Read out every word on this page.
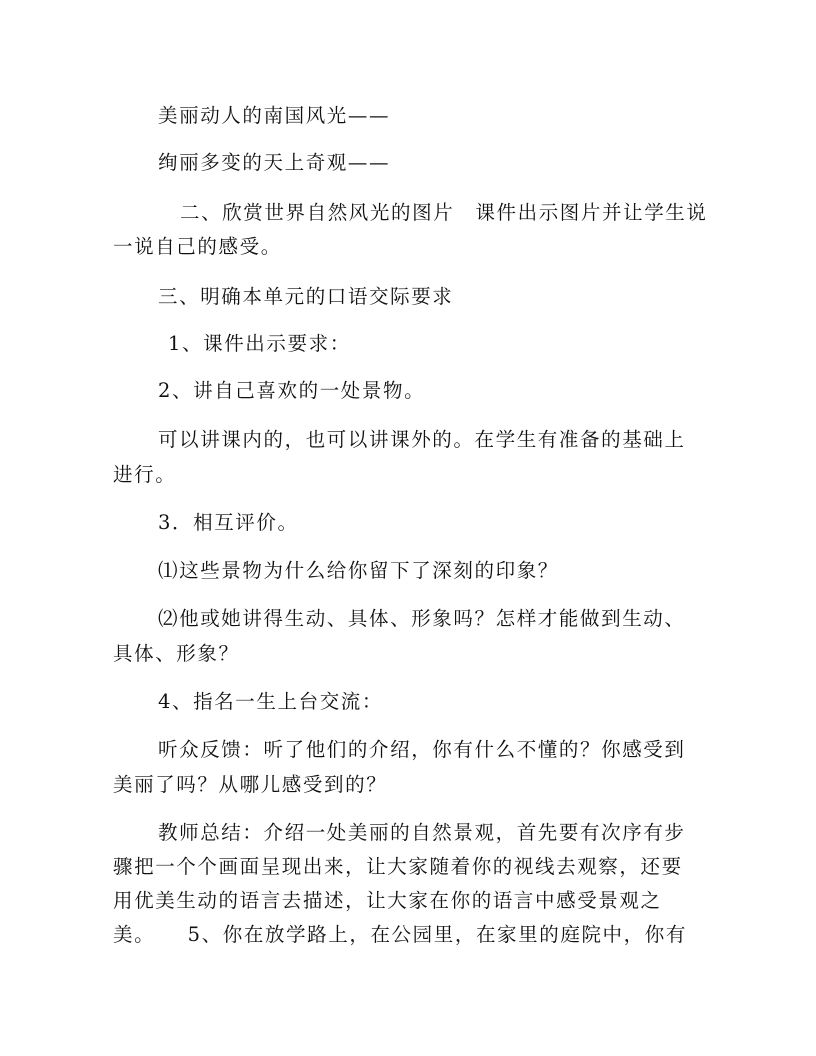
美丽动人的南国风光——
绚丽多变的天上奇观——
二、欣赏世界自然风光的图片　课件出示图片并让学生说
一说自己的感受。
三、明确本单元的口语交际要求
1、课件出示要求：
2、讲自己喜欢的一处景物。
可以讲课内的，也可以讲课外的。在学生有准备的基础上
进行。
3．相互评价。
⑴这些景物为什么给你留下了深刻的印象？
⑵他或她讲得生动、具体、形象吗？怎样才能做到生动、
具体、形象？
4、指名一生上台交流：
听众反馈：听了他们的介绍，你有什么不懂的？你感受到
美丽了吗？从哪儿感受到的？
教师总结：介绍一处美丽的自然景观，首先要有次序有步
骤把一个个画面呈现出来，让大家随着你的视线去观察，还要
用优美生动的语言去描述，让大家在你的语言中感受景观之
美。　　5、你在放学路上，在公园里，在家里的庭院中，你有
